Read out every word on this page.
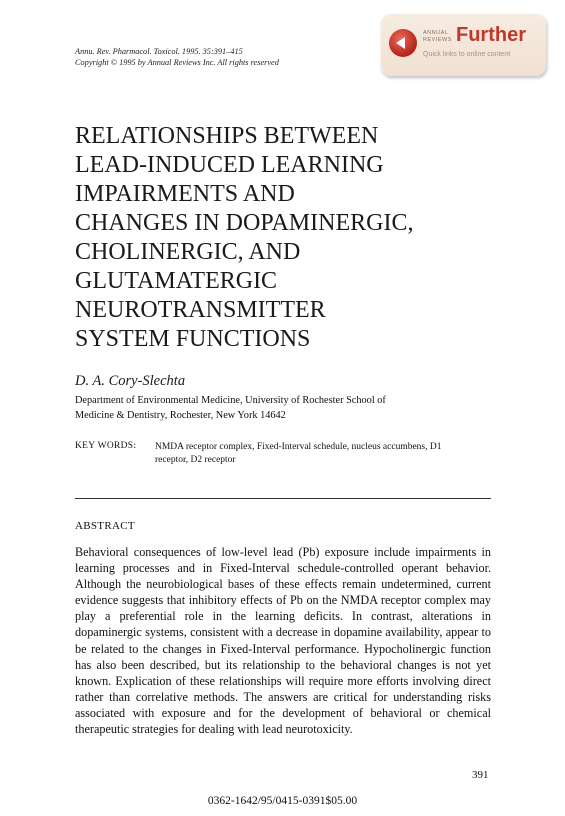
Annu. Rev. Pharmacol. Toxicol. 1995. 35:391–415
Copyright © 1995 by Annual Reviews Inc. All rights reserved
ANNUAL
REVIEWS Further
Quick links to online content
RELATIONSHIPS BETWEEN
LEAD-INDUCED LEARNING
IMPAIRMENTS AND
CHANGES IN DOPAMINERGIC,
CHOLINERGIC, AND
GLUTAMATERGIC
NEUROTRANSMITTER
SYSTEM FUNCTIONS
D. A. Cory-Slechta
Department of Environmental Medicine, University of Rochester School of
Medicine & Dentistry, Rochester, New York 14642
KEY WORDS: NMDA receptor complex, Fixed-Interval schedule, nucleus accumbens, D1
receptor, D2 receptor
ABSTRACT
Behavioral consequences of low-level lead (Pb) exposure include impairments in learning processes and in Fixed-Interval schedule-controlled operant behavior. Although the neurobiological bases of these effects remain undetermined, current evidence suggests that inhibitory effects of Pb on the NMDA receptor complex may play a preferential role in the learning deficits. In contrast, alterations in dopaminergic systems, consistent with a decrease in dopamine availability, appear to be related to the changes in Fixed-Interval performance. Hypocholinergic function has also been described, but its relationship to the behavioral changes is not yet known. Explication of these relationships will require more efforts involving direct rather than correlative methods. The answers are critical for understanding risks associated with exposure and for the development of behavioral or chemical therapeutic strategies for dealing with lead neurotoxicity.
391
0362-1642/95/0415-0391$05.00
